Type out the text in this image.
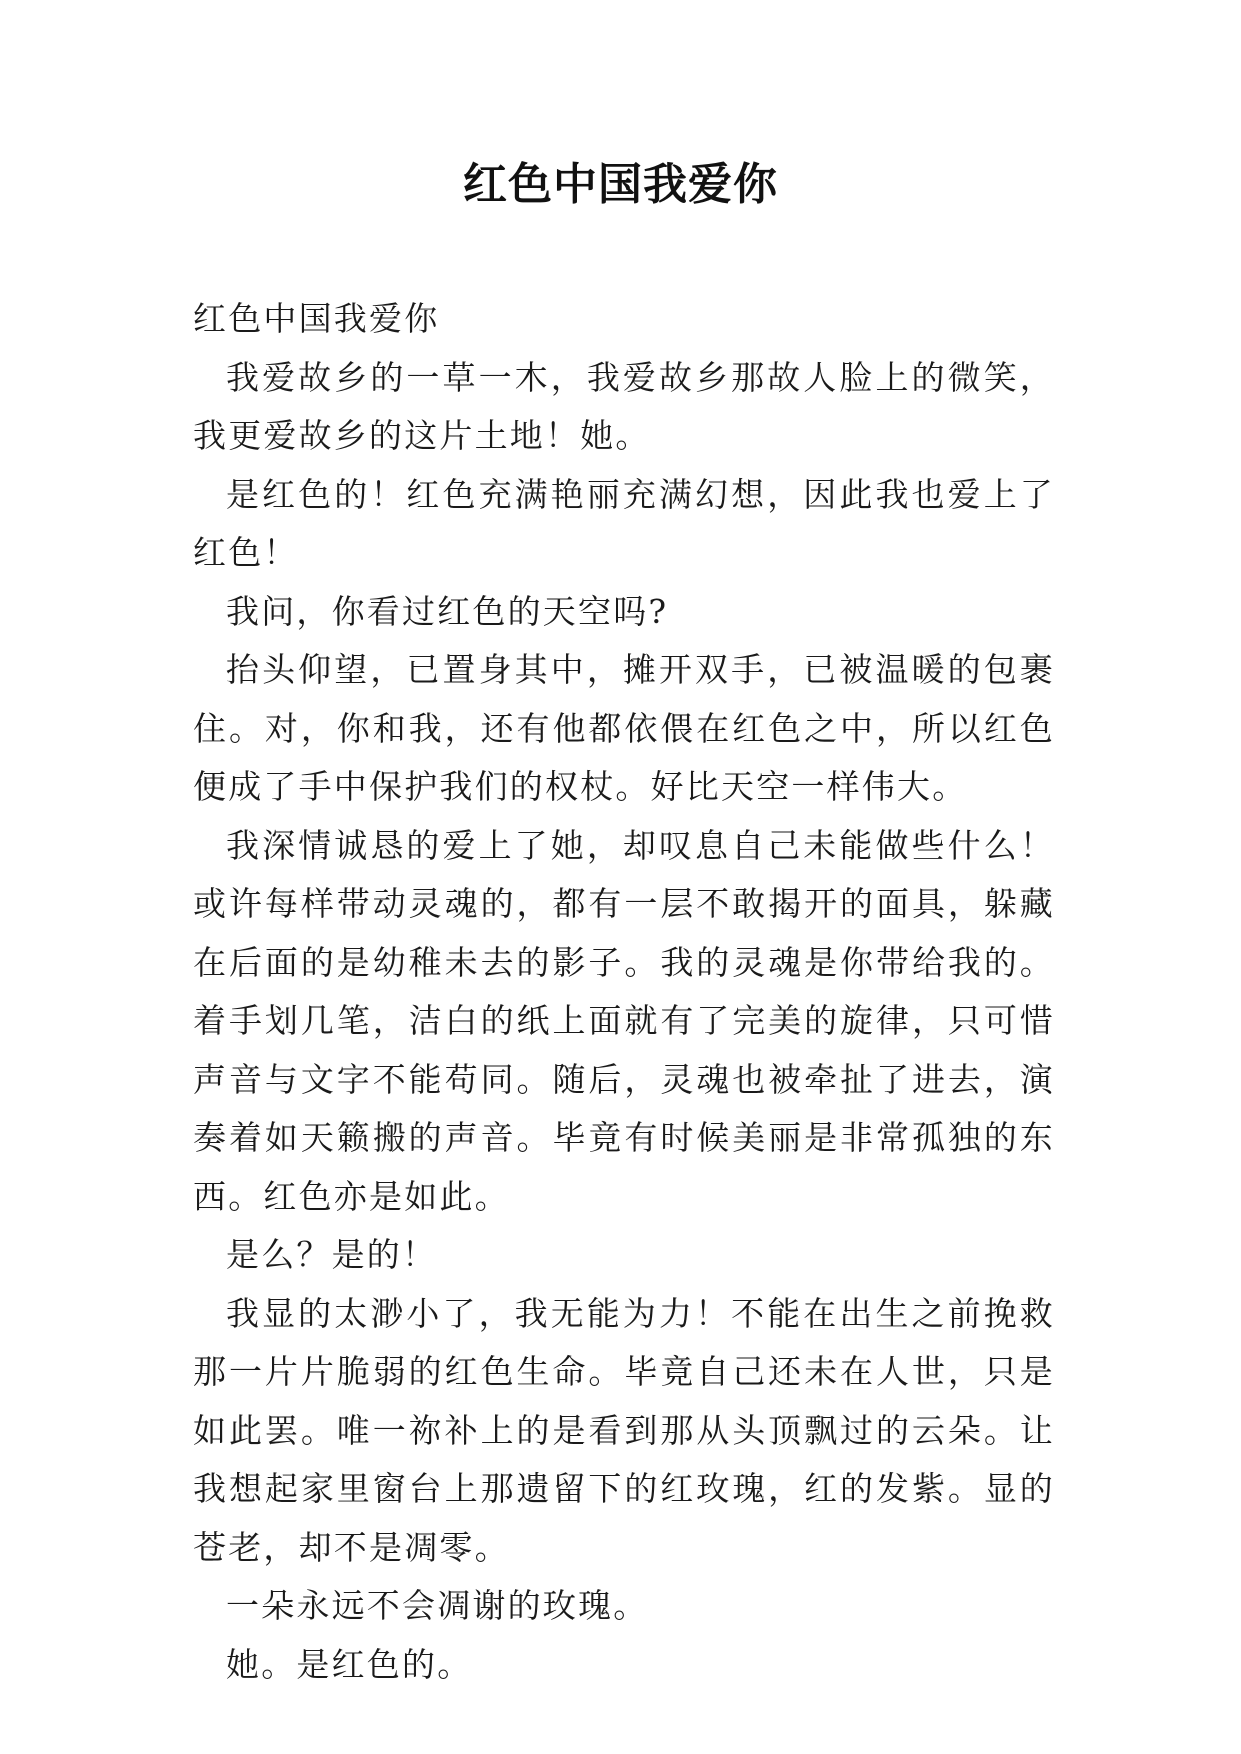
红色中国我爱你

红色中国我爱你

我爱故乡的一草一木，我爱故乡那故人脸上的微笑，我更爱故乡的这片土地！她。

是红色的！红色充满艳丽充满幻想，因此我也爱上了红色！

我问，你看过红色的天空吗?

抬头仰望，已置身其中，摊开双手，已被温暖的包裹住。对，你和我，还有他都依偎在红色之中，所以红色便成了手中保护我们的权杖。好比天空一样伟大。

我深情诚恳的爱上了她，却叹息自己未能做些什么！或许每样带动灵魂的，都有一层不敢揭开的面具，躲藏在后面的是幼稚未去的影子。我的灵魂是你带给我的。着手划几笔，洁白的纸上面就有了完美的旋律，只可惜声音与文字不能苟同。随后，灵魂也被牵扯了进去，演奏着如天籁搬的声音。毕竟有时候美丽是非常孤独的东西。红色亦是如此。

是么？是的！

我显的太渺小了，我无能为力！不能在出生之前挽救那一片片脆弱的红色生命。毕竟自己还未在人世，只是如此罢。唯一祢补上的是看到那从头顶飘过的云朵。让我想起家里窗台上那遗留下的红玫瑰，红的发紫。显的苍老，却不是凋零。

一朵永远不会凋谢的玫瑰。

她。是红色的。
